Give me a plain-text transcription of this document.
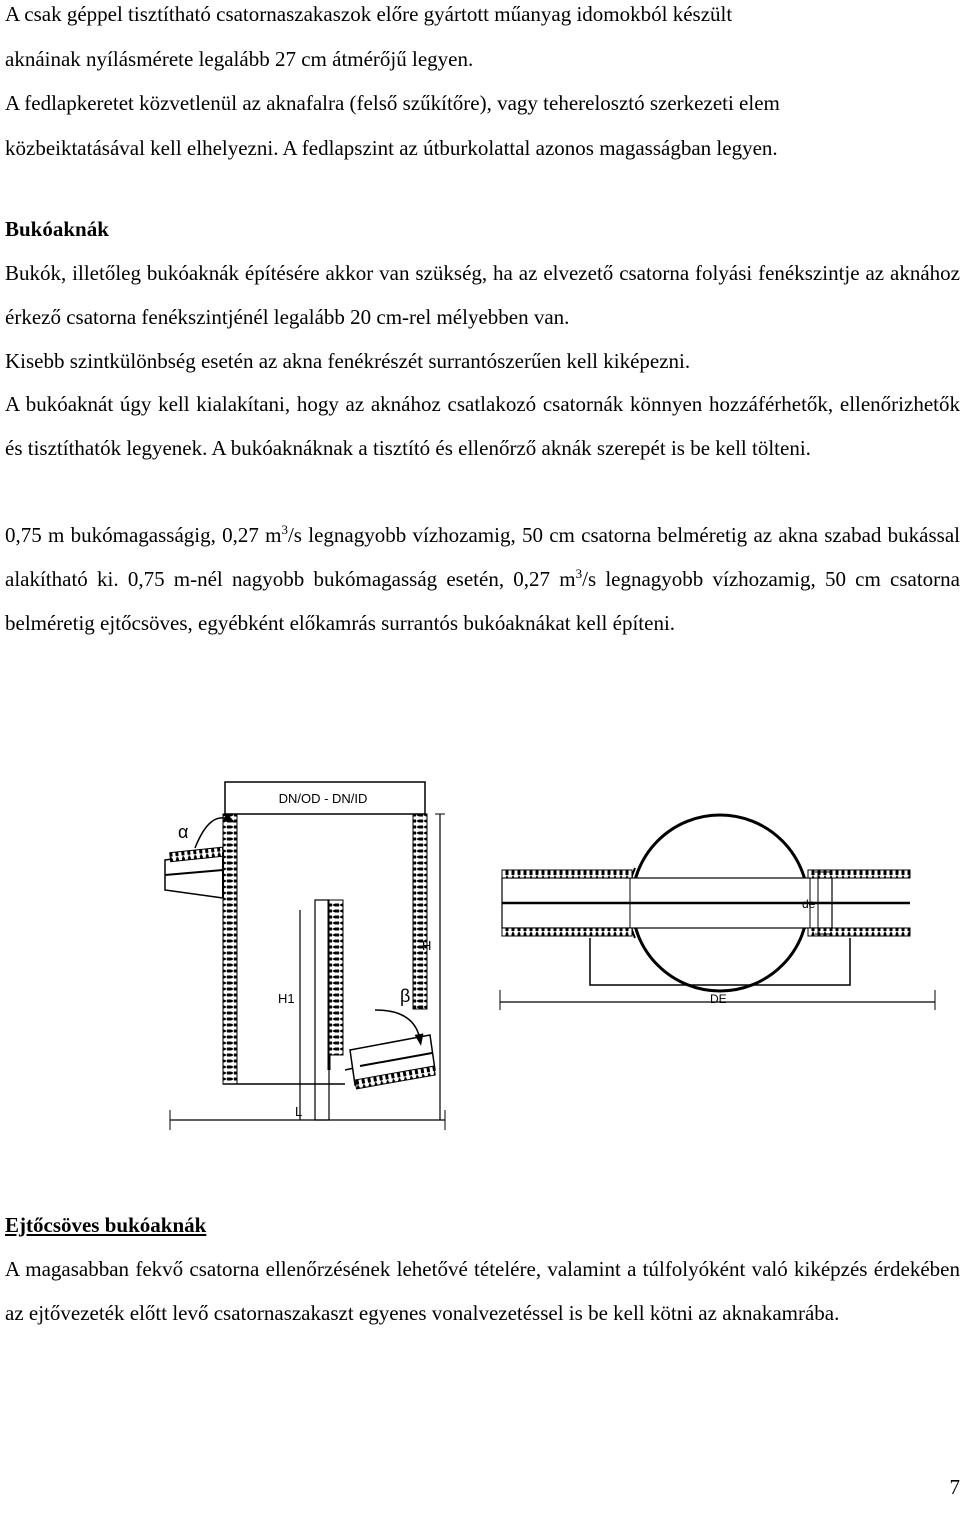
A csak géppel tisztítható csatornaszakaszok előre gyártott műanyag idomokból készült
aknáinak nyílásmérete legalább 27 cm átmérőjű legyen.
A fedlapkeretet közvetlenül az aknafalra (felső szűkítőre), vagy teherelosztó szerkezeti elem
közbeiktatásával kell elhelyezni. A fedlapszint az útburkolattal azonos magasságban legyen.
Bukóaknák

Bukók, illetőleg bukóaknák építésére akkor van szükség, ha az elvezető csatorna folyási fenékszintje az aknához érkező csatorna fenékszintjénél legalább 20 cm-rel mélyebben van.
Kisebb szintkülönbség esetén az akna fenékrészét surrantószerűen kell kiképezni.

A bukóaknát úgy kell kialakítani, hogy az aknához csatlakozó csatornák könnyen hozzáférhetők, ellenőrizhetők és tisztíthatók legyenek. A bukóaknáknak a tisztító és ellenőrző aknák szerepét is be kell tölteni.

0,75 m bukómagasságig, 0,27 $m^3/s$ legnagyobb vízhozamig, 50 cm csatorna belméretig az akna szabad bukással alakítható ki. 0,75 m-nél nagyobb bukómagasság esetén, 0,27 $m^3/s$ legnagyobb vízhozamig, 50 cm csatorna belméretig ejtőcsöves, egyébként előkamrás surrantós bukóaknákat kell építeni.

DN/OD - DN/ID
α
β
H
H1
L
de
DE
Ejtőcsöves bukóaknák

A magasabban fekvő csatorna ellenőrzésének lehetővé tételére, valamint a túlfolyóként való kiképzés érdekében az ejtővezeték előtt levő csatornaszakaszt egyenes vonalvezetéssel is be kell kötni az aknakamrába.

7
